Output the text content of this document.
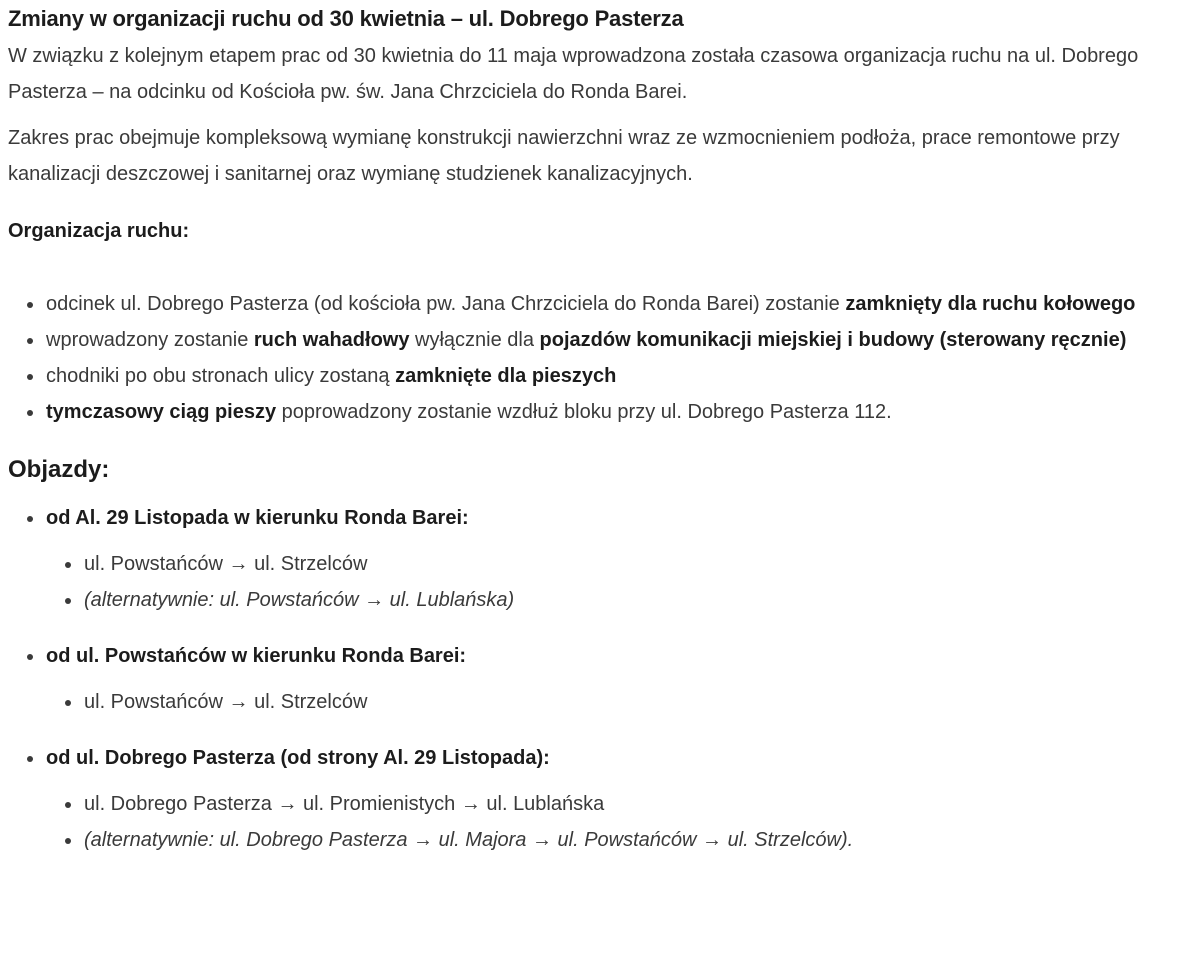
Zmiany w organizacji ruchu od 30 kwietnia – ul. Dobrego Pasterza

W związku z kolejnym etapem prac od 30 kwietnia do 11 maja wprowadzona została czasowa organizacja ruchu na ul. Dobrego Pasterza – na odcinku od Kościoła pw. św. Jana Chrzciciela do Ronda Barei.

Zakres prac obejmuje kompleksową wymianę konstrukcji nawierzchni wraz ze wzmocnieniem podłoża, prace remontowe przy kanalizacji deszczowej i sanitarnej oraz wymianę studzienek kanalizacyjnych.

Organizacja ruchu:
odcinek ul. Dobrego Pasterza (od kościoła pw. Jana Chrzciciela do Ronda Barei) zostanie zamknięty dla ruchu kołowego
wprowadzony zostanie ruch wahadłowy wyłącznie dla pojazdów komunikacji miejskiej i budowy (sterowany ręcznie)
chodniki po obu stronach ulicy zostaną zamknięte dla pieszych
tymczasowy ciąg pieszy poprowadzony zostanie wzdłuż bloku przy ul. Dobrego Pasterza 112.
Objazdy:
od Al. 29 Listopada w kierunku Ronda Barei:
ul. Powstańców → ul. Strzelców
(alternatywnie: ul. Powstańców → ul. Lublańska)
od ul. Powstańców w kierunku Ronda Barei:
ul. Powstańców → ul. Strzelców
od ul. Dobrego Pasterza (od strony Al. 29 Listopada):
ul. Dobrego Pasterza → ul. Promienistych → ul. Lublańska
(alternatywnie: ul. Dobrego Pasterza → ul. Majora → ul. Powstańców → ul. Strzelców).
